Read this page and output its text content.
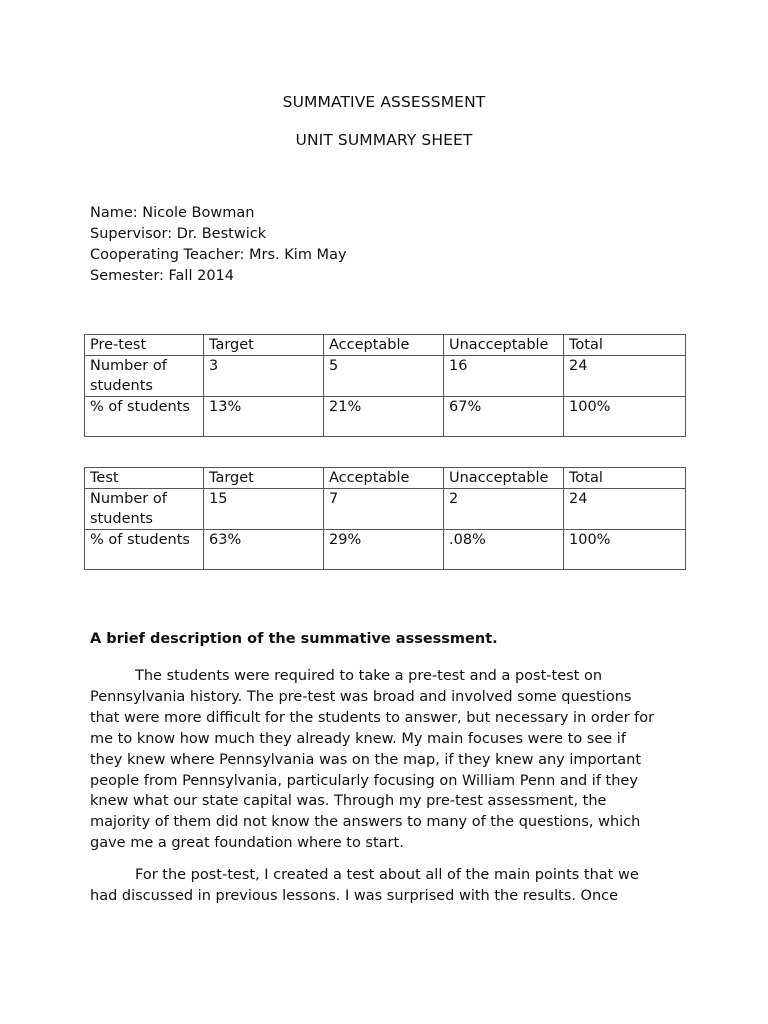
SUMMATIVE ASSESSMENT
UNIT SUMMARY SHEET
Name: Nicole Bowman
Supervisor: Dr. Bestwick
Cooperating Teacher: Mrs. Kim May
Semester: Fall 2014
Pre-test	Target	Acceptable	Unacceptable	Total
Number of students	3	5	16	24
% of students	13%	21%	67%	100%
Test	Target	Acceptable	Unacceptable	Total
Number of students	15	7	2	24
% of students	63%	29%	.08%	100%
A brief description of the summative assessment.
The students were required to take a pre-test and a post-test on
Pennsylvania history. The pre-test was broad and involved some questions
that were more difficult for the students to answer, but necessary in order for
me to know how much they already knew. My main focuses were to see if
they knew where Pennsylvania was on the map, if they knew any important
people from Pennsylvania, particularly focusing on William Penn and if they
knew what our state capital was. Through my pre-test assessment, the
majority of them did not know the answers to many of the questions, which
gave me a great foundation where to start.
For the post-test, I created a test about all of the main points that we
had discussed in previous lessons. I was surprised with the results. Once
